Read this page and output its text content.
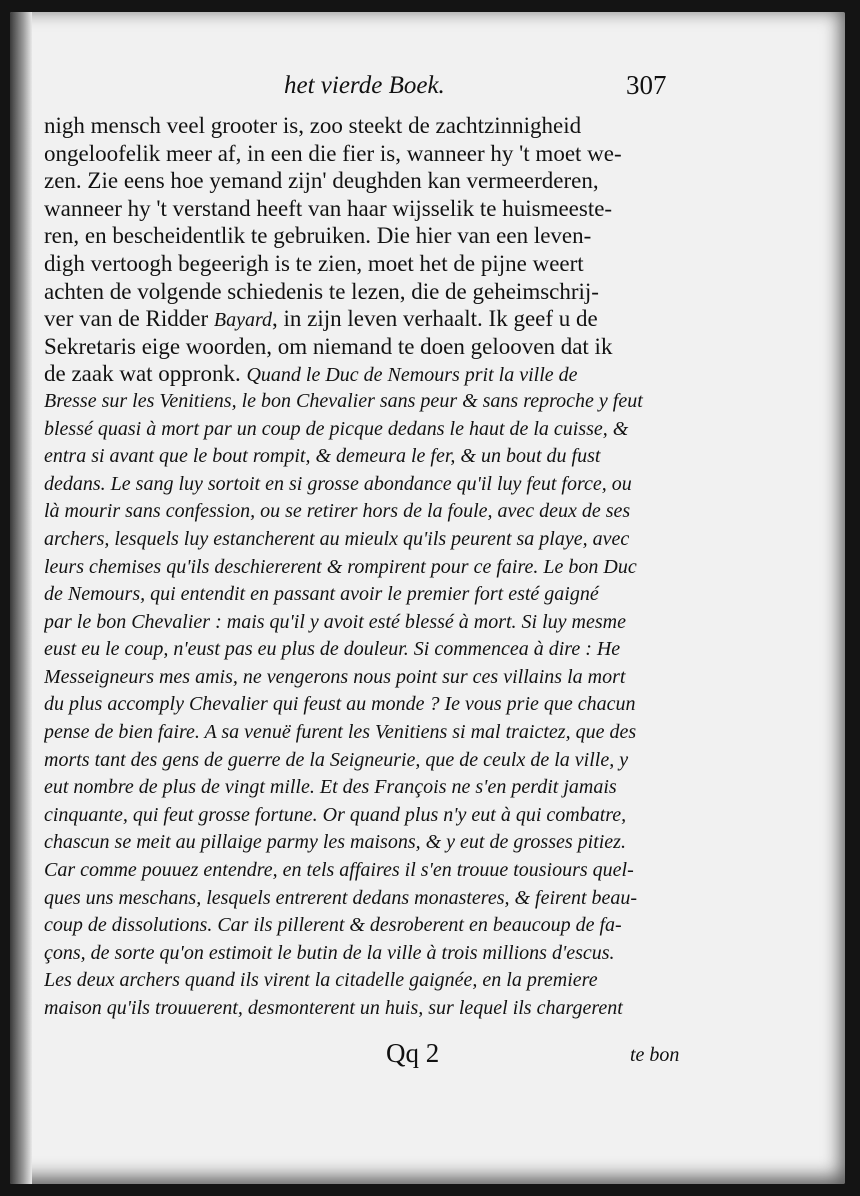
het vierde Boek.	307
nigh mensch veel grooter is, zoo steekt de zachtzinnigheid
ongeloofelik meer af, in een die fier is, wanneer hy 't moet we-
zen. Zie eens hoe yemand zijn' deughden kan vermeerderen,
wanneer hy 't verstand heeft van haar wijsselik te huismeeste-
ren, en bescheidentlik te gebruiken. Die hier van een leven-
digh vertoogh begeerigh is te zien, moet het de pijne weert
achten de volgende schiedenis te lezen, die de geheimschrij-
ver van de Ridder Bayard, in zijn leven verhaalt. Ik geef u de
Sekretaris eige woorden, om niemand te doen gelooven dat ik
de zaak wat oppronk. Quand le Duc de Nemours prit la ville de
Bresse sur les Venitiens, le bon Chevalier sans peur & sans reproche y feut
blessé quasi à mort par un coup de picque dedans le haut de la cuisse, &
entra si avant que le bout rompit, & demeura le fer, & un bout du fust
dedans. Le sang luy sortoit en si grosse abondance qu'il luy feut force, ou
là mourir sans confession, ou se retirer hors de la foule, avec deux de ses
archers, lesquels luy estancherent au mieulx qu'ils peurent sa playe, avec
leurs chemises qu'ils deschiererent & rompirent pour ce faire. Le bon Duc
de Nemours, qui entendit en passant avoir le premier fort esté gaigné
par le bon Chevalier : mais qu'il y avoit esté blessé à mort. Si luy mesme
eust eu le coup, n'eust pas eu plus de douleur. Si commencea à dire : He
Messeigneurs mes amis, ne vengerons nous point sur ces villains la mort
du plus accomply Chevalier qui feust au monde ? Ie vous prie que chacun
pense de bien faire. A sa venuë furent les Venitiens si mal traictez, que des
morts tant des gens de guerre de la Seigneurie, que de ceulx de la ville, y
eut nombre de plus de vingt mille. Et des François ne s'en perdit jamais
cinquante, qui feut grosse fortune. Or quand plus n'y eut à qui combatre,
chascun se meit au pillaige parmy les maisons, & y eut de grosses pitiez.
Car comme pouuez entendre, en tels affaires il s'en trouue tousiours quel-
ques uns meschans, lesquels entrerent dedans monasteres, & feirent beau-
coup de dissolutions. Car ils pillerent & desroberent en beaucoup de fa-
çons, de sorte qu'on estimoit le butin de la ville à trois millions d'escus.
Les deux archers quand ils virent la citadelle gaignée, en la premiere
maison qu'ils trouuerent, desmonterent un huis, sur lequel ils chargerent
Qq 2	te bon
